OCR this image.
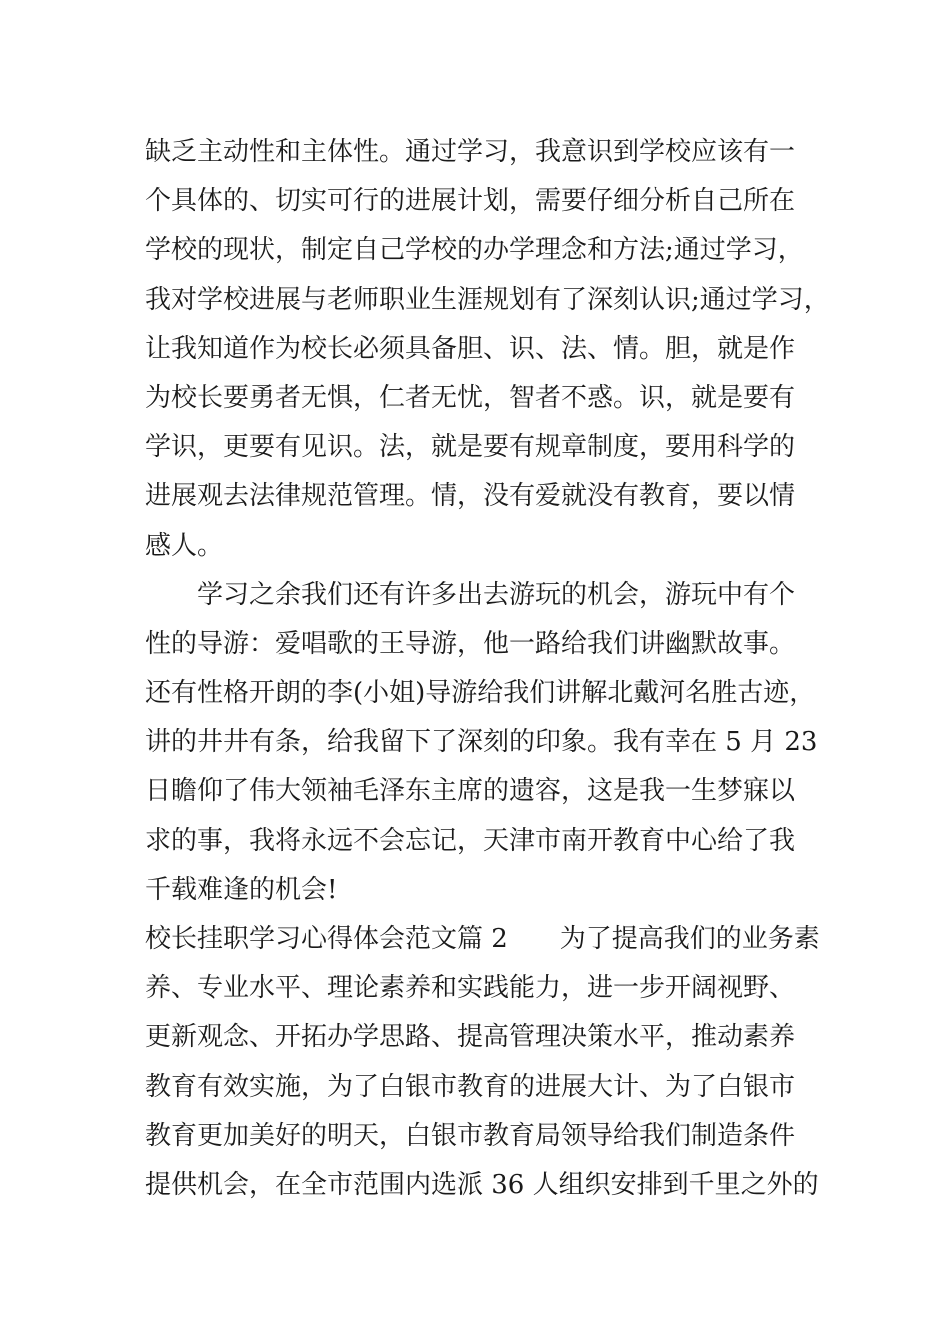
缺乏主动性和主体性。通过学习，我意识到学校应该有一
个具体的、切实可行的进展计划，需要仔细分析自己所在
学校的现状，制定自己学校的办学理念和方法;通过学习，
我对学校进展与老师职业生涯规划有了深刻认识;通过学习，
让我知道作为校长必须具备胆、识、法、情。胆，就是作
为校长要勇者无惧，仁者无忧，智者不惑。识，就是要有
学识，更要有见识。法，就是要有规章制度，要用科学的
进展观去法律规范管理。情，没有爱就没有教育，要以情
感人。
　　学习之余我们还有许多出去游玩的机会，游玩中有个
性的导游：爱唱歌的王导游，他一路给我们讲幽默故事。
还有性格开朗的李(小姐)导游给我们讲解北戴河名胜古迹，
讲的井井有条，给我留下了深刻的印象。我有幸在 5 月 23
日瞻仰了伟大领袖毛泽东主席的遗容，这是我一生梦寐以
求的事，我将永远不会忘记，天津市南开教育中心给了我
千载难逢的机会!
校长挂职学习心得体会范文篇 2　　为了提高我们的业务素
养、专业水平、理论素养和实践能力，进一步开阔视野、
更新观念、开拓办学思路、提高管理决策水平，推动素养
教育有效实施，为了白银市教育的进展大计、为了白银市
教育更加美好的明天，白银市教育局领导给我们制造条件
提供机会，在全市范围内选派 36 人组织安排到千里之外的
